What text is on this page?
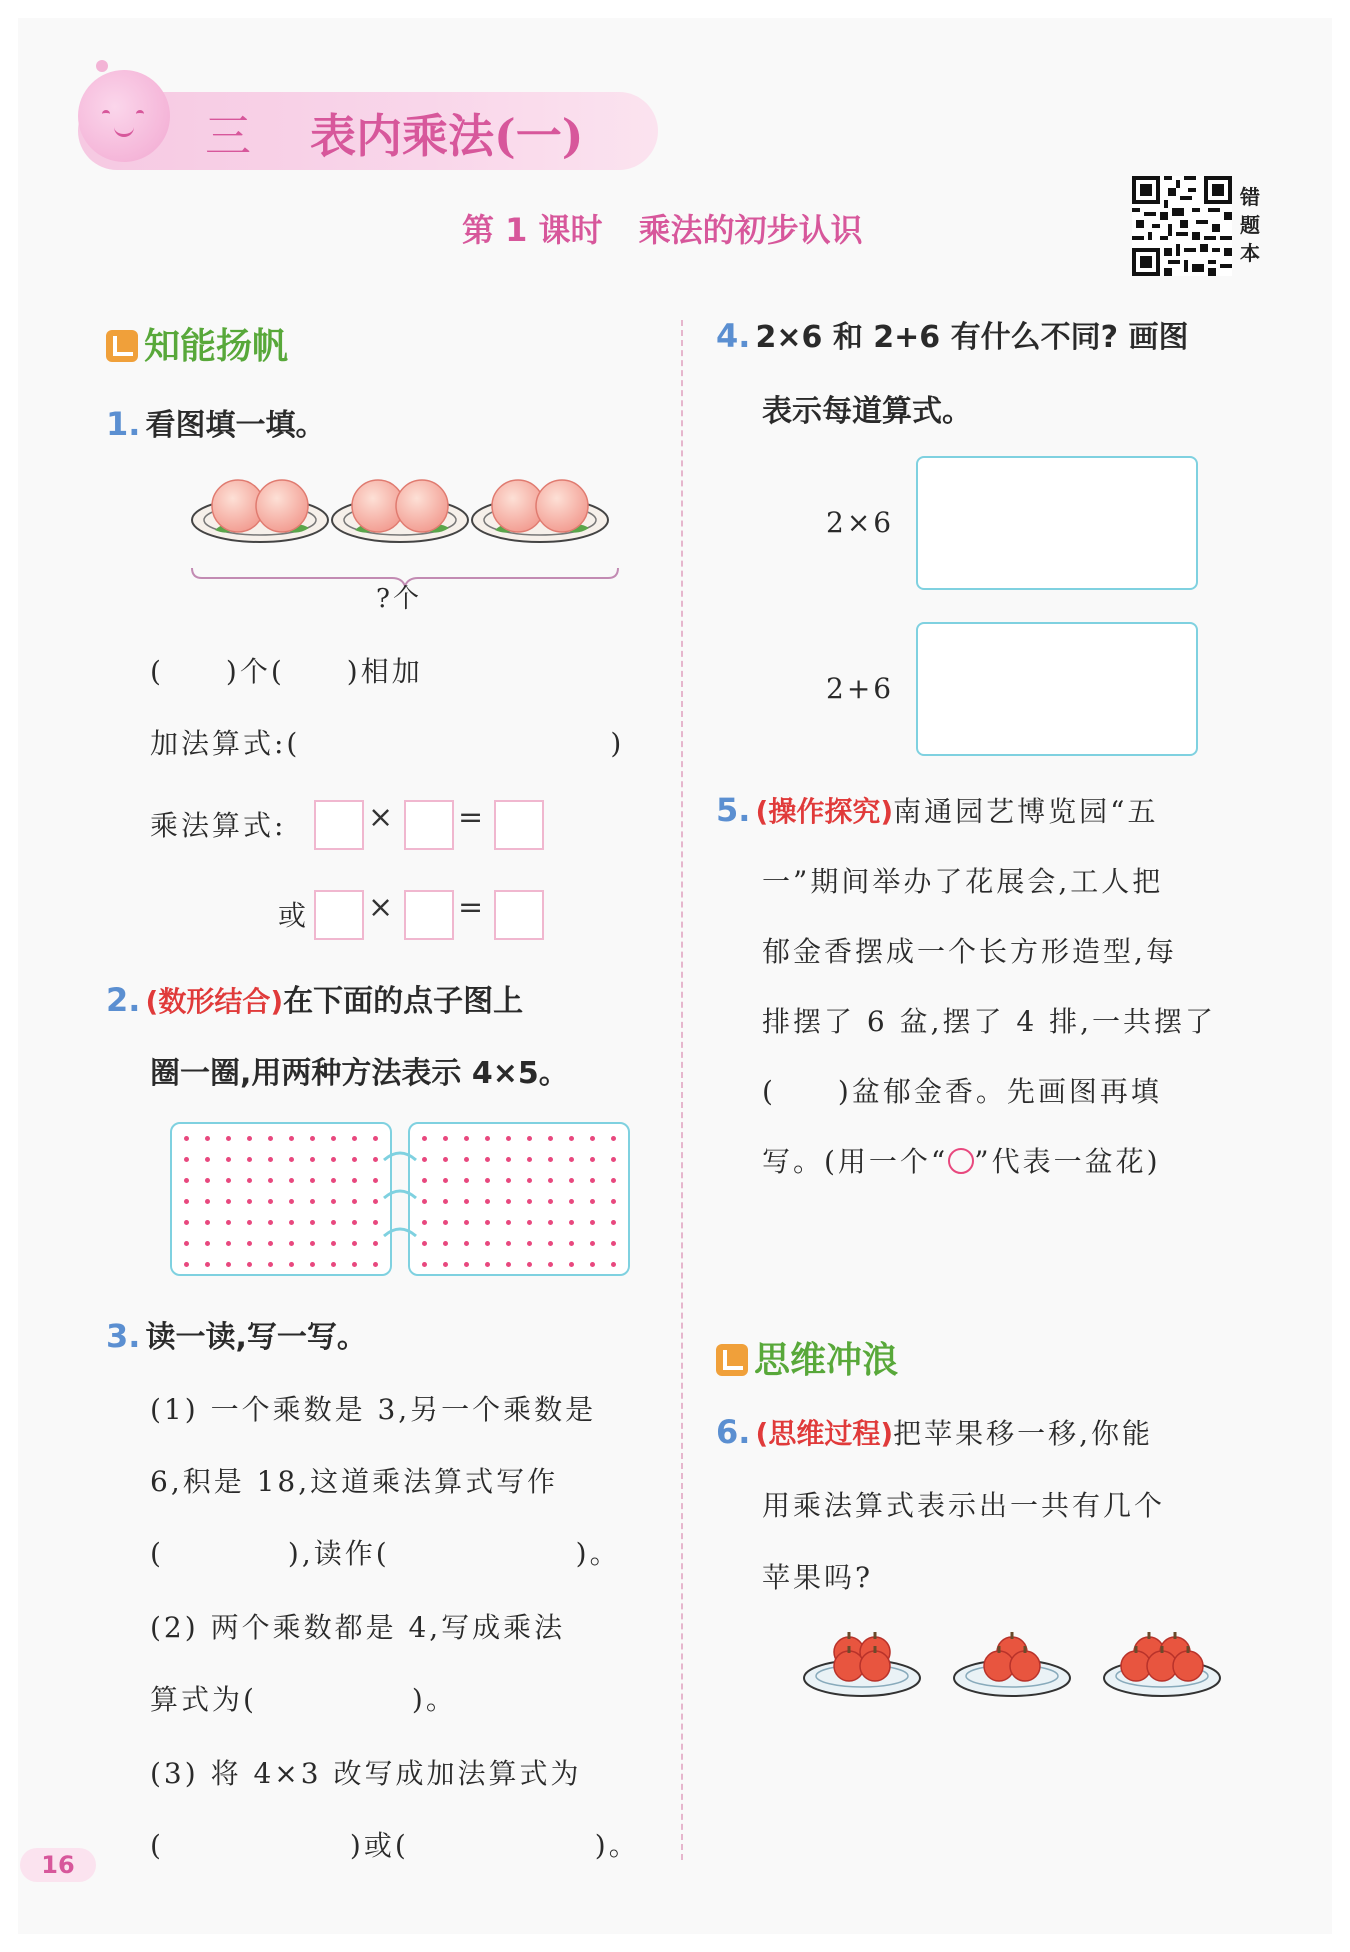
三 表内乘法(一)
第 1 课时 乘法的初步认识
错题本
知能扬帆
1. 看图填一填。
?个
(　　)个(　　)相加
加法算式:(　　　　　　　　　　)
乘法算式:	× =
或 × =
2. (数形结合)在下面的点子图上
圈一圈,用两种方法表示 4×5。
3. 读一读,写一写。
(1) 一个乘数是 3,另一个乘数是
6,积是 18,这道乘法算式写作
(　　　　),读作(　　　　　　)。
(2) 两个乘数都是 4,写成乘法
算式为(　　　　　)。
(3) 将 4×3 改写成加法算式为
(　　　　　　)或(　　　　　　)。
4. 2×6 和 2+6 有什么不同? 画图
表示每道算式。
2×6
2+6
5. (操作探究)南通园艺博览园“五
一”期间举办了花展会,工人把
郁金香摆成一个长方形造型,每
排摆了 6 盆,摆了 4 排,一共摆了
(　　)盆郁金香。先画图再填
写。(用一个“ ”代表一盆花)
思维冲浪
6. (思维过程)把苹果移一移,你能
用乘法算式表示出一共有几个
苹果吗?
16
